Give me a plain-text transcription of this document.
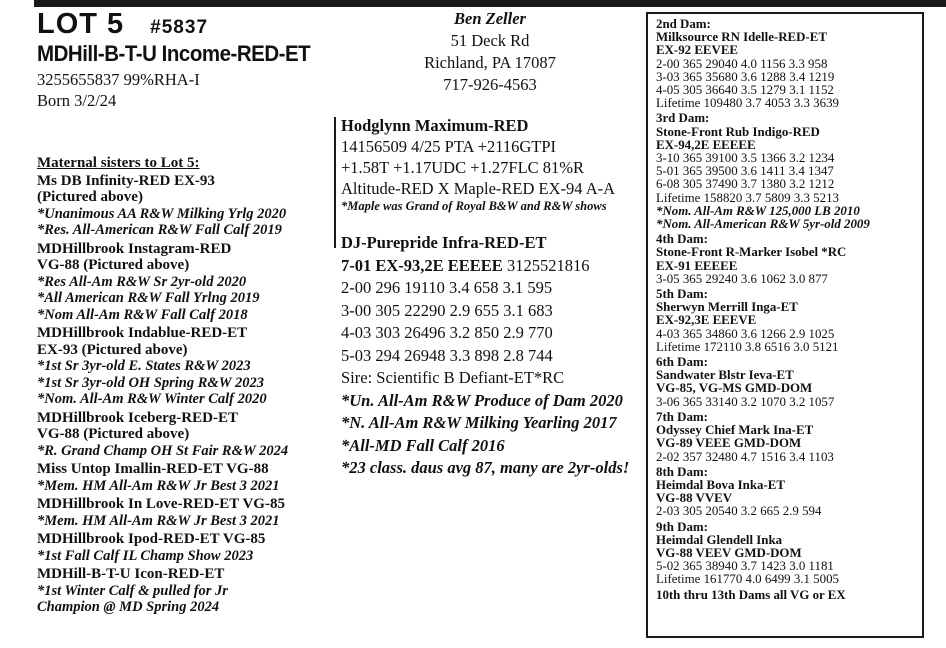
LOT 5 #5837
MDHill-B-T-U Income-RED-ET
3255655837 99%RHA-I
Born 3/2/24
Ben Zeller
51 Deck Rd
Richland, PA 17087
717-926-4563
Hodglynn Maximum-RED
14156509 4/25 PTA +2116GTPI
+1.58T +1.17UDC +1.27FLC 81%R
Altitude-RED X Maple-RED EX-94 A-A
*Maple was Grand of Royal B&W and R&W shows
DJ-Purepride Infra-RED-ET
7-01 EX-93,2E EEEEE 3125521816
2-00 296 19110 3.4 658 3.1 595
3-00 305 22290 2.9 655 3.1 683
4-03 303 26496 3.2 850 2.9 770
5-03 294 26948 3.3 898 2.8 744
Sire: Scientific B Defiant-ET*RC
*Un. All-Am R&W Produce of Dam 2020
*N. All-Am R&W Milking Yearling 2017
*All-MD Fall Calf 2016
*23 class. daus avg 87, many are 2yr-olds!
Maternal sisters to Lot 5:
Ms DB Infinity-RED EX-93
(Pictured above)
*Unanimous AA R&W Milking Yrlg 2020
*Res. All-American R&W Fall Calf 2019
MDHillbrook Instagram-RED
VG-88 (Pictured above)
*Res All-Am R&W Sr 2yr-old 2020
*All American R&W Fall Yrlng 2019
*Nom All-Am R&W Fall Calf 2018
MDHillbrook Indablue-RED-ET
EX-93 (Pictured above)
*1st Sr 3yr-old E. States R&W 2023
*1st Sr 3yr-old OH Spring R&W 2023
*Nom. All-Am R&W Winter Calf 2020
MDHillbrook Iceberg-RED-ET
VG-88 (Pictured above)
*R. Grand Champ OH St Fair R&W 2024
Miss Untop Imallin-RED-ET VG-88
*Mem. HM All-Am R&W Jr Best 3 2021
MDHillbrook In Love-RED-ET VG-85
*Mem. HM All-Am R&W Jr Best 3 2021
MDHillbrook Ipod-RED-ET VG-85
*1st Fall Calf IL Champ Show 2023
MDHill-B-T-U Icon-RED-ET
*1st Winter Calf & pulled for Jr
Champion @ MD Spring 2024
2nd Dam:
Milksource RN Idelle-RED-ET
EX-92 EEVEE
2-00 365 29040 4.0 1156 3.3 958
3-03 365 35680 3.6 1288 3.4 1219
4-05 305 36640 3.5 1279 3.1 1152
Lifetime 109480 3.7 4053 3.3 3639
3rd Dam:
Stone-Front Rub Indigo-RED
EX-94,2E EEEEE
3-10 365 39100 3.5 1366 3.2 1234
5-01 365 39500 3.6 1411 3.4 1347
6-08 305 37490 3.7 1380 3.2 1212
Lifetime 158820 3.7 5809 3.3 5213
*Nom. All-Am R&W 125,000 LB 2010
*Nom. All-American R&W 5yr-old 2009
4th Dam:
Stone-Front R-Marker Isobel *RC
EX-91 EEEEE
3-05 365 29240 3.6 1062 3.0 877
5th Dam:
Sherwyn Merrill Inga-ET
EX-92,3E EEEVE
4-03 365 34860 3.6 1266 2.9 1025
Lifetime 172110 3.8 6516 3.0 5121
6th Dam:
Sandwater Blstr Ieva-ET
VG-85, VG-MS GMD-DOM
3-06 365 33140 3.2 1070 3.2 1057
7th Dam:
Odyssey Chief Mark Ina-ET
VG-89 VEEE GMD-DOM
2-02 357 32480 4.7 1516 3.4 1103
8th Dam:
Heimdal Bova Inka-ET
VG-88 VVEV
2-03 305 20540 3.2 665 2.9 594
9th Dam:
Heimdal Glendell Inka
VG-88 VEEV GMD-DOM
5-02 365 38940 3.7 1423 3.0 1181
Lifetime 161770 4.0 6499 3.1 5005
10th thru 13th Dams all VG or EX
